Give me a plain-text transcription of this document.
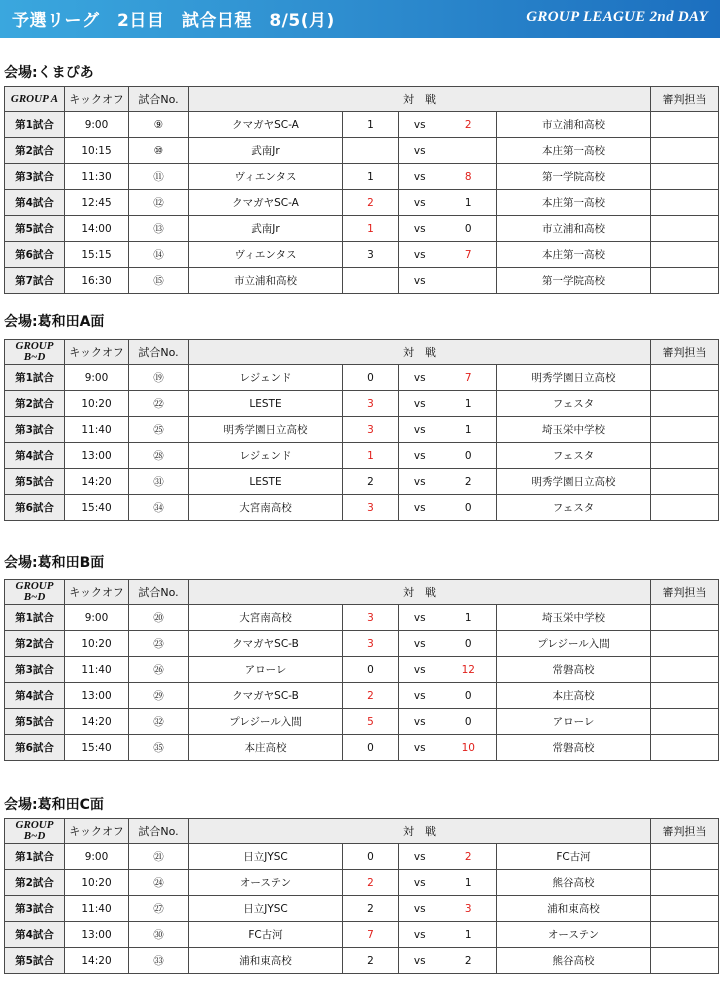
予選リーグ　2日目　試合日程　8/5(月)	GROUP LEAGUE 2nd DAY
会場:くまぴあ
GROUP A	キックオフ	試合No.	対　戦					審判担当
第1試合	9:00	⑨	クマガヤSC-A	1	vs	2	市立浦和高校	
第2試合	10:15	⑩	武南Jr		vs		本庄第一高校	
第3試合	11:30	⑪	ヴィエンタス	1	vs	8	第一学院高校	
第4試合	12:45	⑫	クマガヤSC-A	2	vs	1	本庄第一高校	
第5試合	14:00	⑬	武南Jr	1	vs	0	市立浦和高校	
第6試合	15:15	⑭	ヴィエンタス	3	vs	7	本庄第一高校	
第7試合	16:30	⑮	市立浦和高校		vs		第一学院高校	
会場:葛和田A面
GROUP
B~D	キックオフ	試合No.	対　戦					審判担当
第1試合	9:00	⑲	レジェンド	0	vs	7	明秀学園日立高校	
第2試合	10:20	㉒	LESTE	3	vs	1	フェスタ	
第3試合	11:40	㉕	明秀学園日立高校	3	vs	1	埼玉栄中学校	
第4試合	13:00	㉘	レジェンド	1	vs	0	フェスタ	
第5試合	14:20	㉛	LESTE	2	vs	2	明秀学園日立高校	
第6試合	15:40	㉞	大宮南高校	3	vs	0	フェスタ	
会場:葛和田B面
GROUP
B~D	キックオフ	試合No.	対　戦					審判担当
第1試合	9:00	⑳	大宮南高校	3	vs	1	埼玉栄中学校	
第2試合	10:20	㉓	クマガヤSC-B	3	vs	0	プレジール入間	
第3試合	11:40	㉖	アローレ	0	vs	12	常磐高校	
第4試合	13:00	㉙	クマガヤSC-B	2	vs	0	本庄高校	
第5試合	14:20	㉜	プレジール入間	5	vs	0	アローレ	
第6試合	15:40	㉟	本庄高校	0	vs	10	常磐高校	
会場:葛和田C面
GROUP
B~D	キックオフ	試合No.	対　戦					審判担当
第1試合	9:00	㉑	日立JYSC	0	vs	2	FC古河	
第2試合	10:20	㉔	オーステン	2	vs	1	熊谷高校	
第3試合	11:40	㉗	日立JYSC	2	vs	3	浦和東高校	
第4試合	13:00	㉚	FC古河	7	vs	1	オーステン	
第5試合	14:20	㉝	浦和東高校	2	vs	2	熊谷高校	
